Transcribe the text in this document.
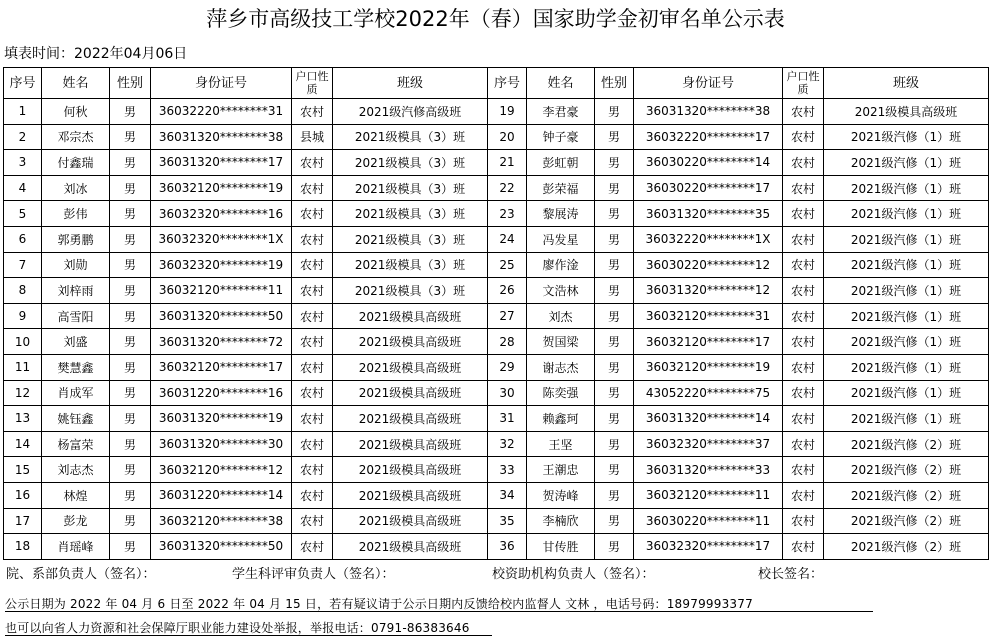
萍乡市高级技工学校2022年（春）国家助学金初审名单公示表
填表时间：2022年04月06日
序号	姓名	性别	身份证号	户口性质	班级	序号	姓名	性别	身份证号	户口性质	班级
1	何秋	男	36032220********31	农村	2021级汽修高级班	19	李君豪	男	36031320********38	农村	2021级模具高级班
2	邓宗杰	男	36031320********38	县城	2021级模具（3）班	20	钟子豪	男	36032220********17	农村	2021级汽修（1）班
3	付鑫瑞	男	36031320********17	农村	2021级模具（3）班	21	彭虹朝	男	36030220********14	农村	2021级汽修（1）班
4	刘冰	男	36032120********19	农村	2021级模具（3）班	22	彭荣福	男	36030220********17	农村	2021级汽修（1）班
5	彭伟	男	36032320********16	农村	2021级模具（3）班	23	黎展涛	男	36031320********35	农村	2021级汽修（1）班
6	郭勇鹏	男	36032320********1X	农村	2021级模具（3）班	24	冯发星	男	36032220********1X	农村	2021级汽修（1）班
7	刘勋	男	36032320********19	农村	2021级模具（3）班	25	廖作淦	男	36030220********12	农村	2021级汽修（1）班
8	刘梓雨	男	36032120********11	农村	2021级模具（3）班	26	文浩林	男	36031320********12	农村	2021级汽修（1）班
9	高雪阳	男	36031320********50	农村	2021级模具高级班	27	刘杰	男	36032120********31	农村	2021级汽修（1）班
10	刘盛	男	36031320********72	农村	2021级模具高级班	28	贺国梁	男	36032120********17	农村	2021级汽修（1）班
11	樊慧鑫	男	36032120********17	农村	2021级模具高级班	29	谢志杰	男	36032120********19	农村	2021级汽修（1）班
12	肖成军	男	36031220********16	农村	2021级模具高级班	30	陈奕强	男	43052220********75	农村	2021级汽修（1）班
13	姚钰鑫	男	36031320********19	农村	2021级模具高级班	31	赖鑫珂	男	36031320********14	农村	2021级汽修（1）班
14	杨富荣	男	36031320********30	农村	2021级模具高级班	32	王坚	男	36032320********37	农村	2021级汽修（2）班
15	刘志杰	男	36032120********12	农村	2021级模具高级班	33	王潮忠	男	36031320********33	农村	2021级汽修（2）班
16	林煌	男	36031220********14	农村	2021级模具高级班	34	贺涛峰	男	36032120********11	农村	2021级汽修（2）班
17	彭龙	男	36032120********38	农村	2021级模具高级班	35	李楠欣	男	36030220********11	农村	2021级汽修（2）班
18	肖瑶峰	男	36031320********50	农村	2021级模具高级班	36	甘传胜	男	36032320********17	农村	2021级汽修（2）班
院、系部负责人（签名）：	学生科评审负责人（签名）：	校资助机构负责人（签名）：	校长签名：
公示日期为 2022 年 04 月 6 日至 2022 年 04 月 15 日，若有疑议请于公示日期内反馈给校内监督人 文林 ，电话号码：18979993377
也可以向省人力资源和社会保障厅职业能力建设处举报，举报电话：0791-86383646
